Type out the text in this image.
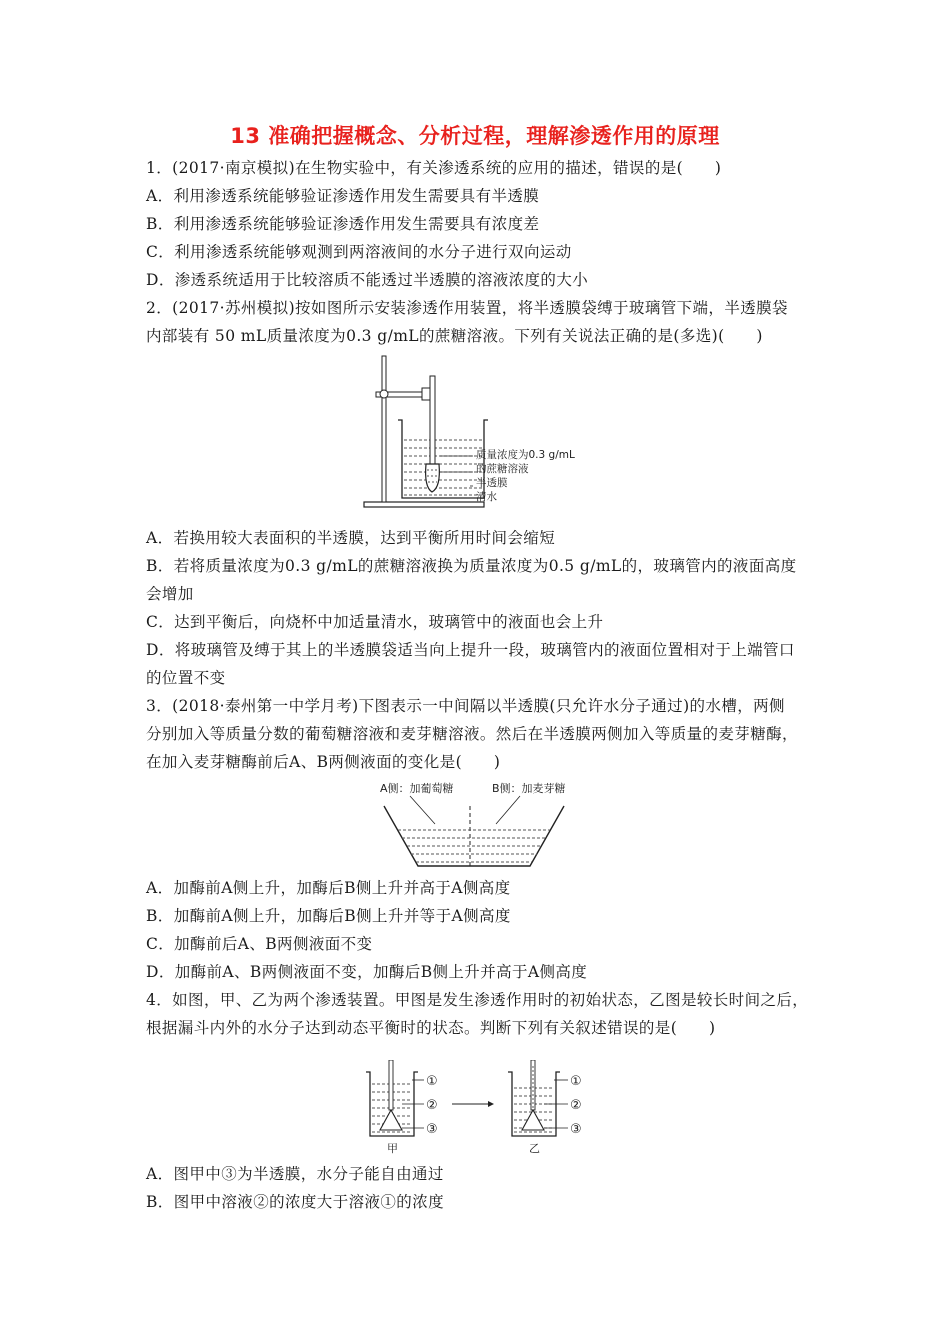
13 准确把握概念、分析过程，理解渗透作用的原理
1．(2017·南京模拟)在生物实验中，有关渗透系统的应用的描述，错误的是(　　)
A．利用渗透系统能够验证渗透作用发生需要具有半透膜
B．利用渗透系统能够验证渗透作用发生需要具有浓度差
C．利用渗透系统能够观测到两溶液间的水分子进行双向运动
D．渗透系统适用于比较溶质不能透过半透膜的溶液浓度的大小
2．(2017·苏州模拟)按如图所示安装渗透作用装置，将半透膜袋缚于玻璃管下端，半透膜袋
内部装有 50 mL质量浓度为0.3 g/mL的蔗糖溶液。下列有关说法正确的是(多选)(　　)
质量浓度为0.3 g/mL
的蔗糖溶液
半透膜
清水
A．若换用较大表面积的半透膜，达到平衡所用时间会缩短
B．若将质量浓度为0.3 g/mL的蔗糖溶液换为质量浓度为0.5 g/mL的，玻璃管内的液面高度
会增加
C．达到平衡后，向烧杯中加适量清水，玻璃管中的液面也会上升
D．将玻璃管及缚于其上的半透膜袋适当向上提升一段，玻璃管内的液面位置相对于上端管口
的位置不变
3．(2018·泰州第一中学月考)下图表示一中间隔以半透膜(只允许水分子通过)的水槽，两侧
分别加入等质量分数的葡萄糖溶液和麦芽糖溶液。然后在半透膜两侧加入等质量的麦芽糖酶，
在加入麦芽糖酶前后A、B两侧液面的变化是(　　)
A侧：加葡萄糖	B侧：加麦芽糖
A．加酶前A侧上升，加酶后B侧上升并高于A侧高度
B．加酶前A侧上升，加酶后B侧上升并等于A侧高度
C．加酶前后A、B两侧液面不变
D．加酶前A、B两侧液面不变，加酶后B侧上升并高于A侧高度
4．如图，甲、乙为两个渗透装置。甲图是发生渗透作用时的初始状态，乙图是较长时间之后，
根据漏斗内外的水分子达到动态平衡时的状态。判断下列有关叙述错误的是(　　)
①
②
③
甲
①
②
③
乙
A．图甲中③为半透膜，水分子能自由通过
B．图甲中溶液②的浓度大于溶液①的浓度
